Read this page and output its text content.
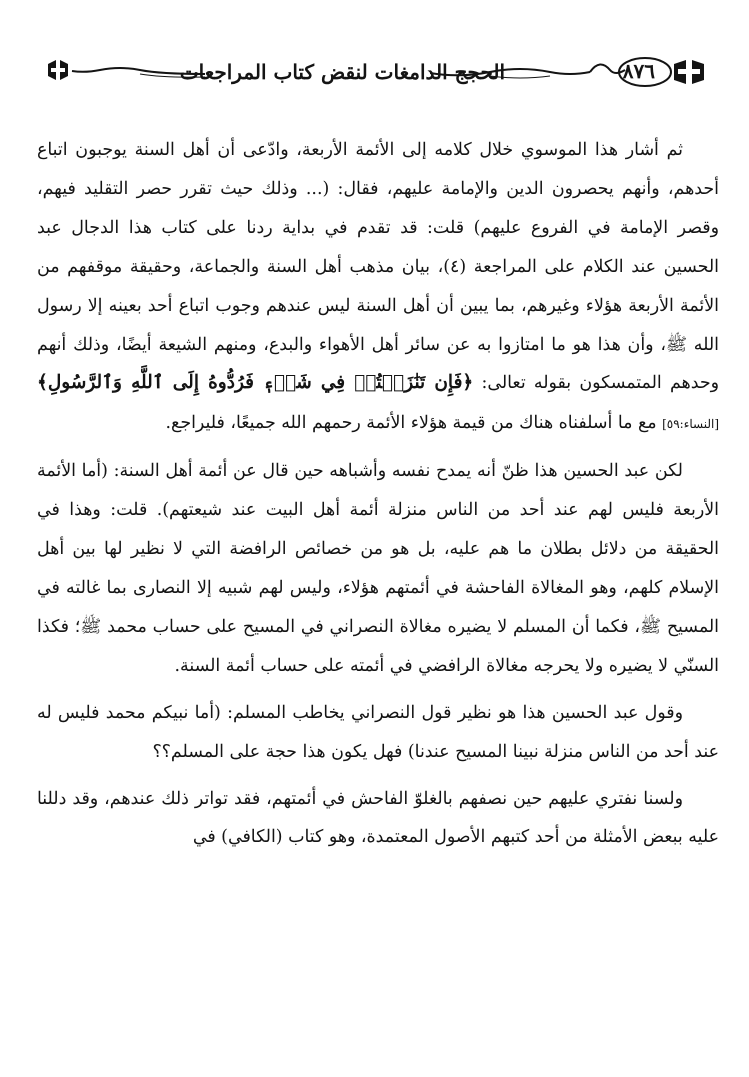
الحجج الدامغات لنقض كتاب المراجعات	٨٧٦

ثم أشار هذا الموسوي خلال كلامه إلى الأئمة الأربعة، وادّعى أن أهل السنة يوجبون اتباع أحدهم، وأنهم يحصرون الدين والإمامة عليهم، فقال: (... وذلك حيث تقرر حصر التقليد فيهم، وقصر الإمامة في الفروع عليهم) قلت: قد تقدم في بداية ردنا على كتاب هذا الدجال عبد الحسين عند الكلام على المراجعة (٤)، بيان مذهب أهل السنة والجماعة، وحقيقة موقفهم من الأئمة الأربعة هؤلاء وغيرهم، بما يبين أن أهل السنة ليس عندهم وجوب اتباع أحد بعينه إلا رسول الله ﷺ، وأن هذا هو ما امتازوا به عن سائر أهل الأهواء والبدع، ومنهم الشيعة أيضًا، وذلك أنهم وحدهم المتمسكون بقوله تعالى: ﴿فَإِن تَنَٰزَعۡتُمۡ فِي شَيۡءٖ فَرُدُّوهُ إِلَى ٱللَّهِ وَٱلرَّسُولِ﴾ [النساء:٥٩] مع ما أسلفناه هناك من قيمة هؤلاء الأئمة رحمهم الله جميعًا، فليراجع.

لكن عبد الحسين هذا ظنّ أنه يمدح نفسه وأشباهه حين قال عن أئمة أهل السنة: (أما الأئمة الأربعة فليس لهم عند أحد من الناس منزلة أئمة أهل البيت عند شيعتهم). قلت: وهذا في الحقيقة من دلائل بطلان ما هم عليه، بل هو من خصائص الرافضة التي لا نظير لها بين أهل الإسلام كلهم، وهو المغالاة الفاحشة في أئمتهم هؤلاء، وليس لهم شبيه إلا النصارى بما غالته في المسيح ﷺ، فكما أن المسلم لا يضيره مغالاة النصراني في المسيح على حساب محمد ﷺ؛ فكذا السنّي لا يضيره ولا يحرجه مغالاة الرافضي في أئمته على حساب أئمة السنة.

وقول عبد الحسين هذا هو نظير قول النصراني يخاطب المسلم: (أما نبيكم محمد فليس له عند أحد من الناس منزلة نبينا المسيح عندنا) فهل يكون هذا حجة على المسلم؟؟

ولسنا نفتري عليهم حين نصفهم بالغلوّ الفاحش في أئمتهم، فقد تواتر ذلك عندهم، وقد دللنا عليه ببعض الأمثلة من أحد كتبهم الأصول المعتمدة، وهو كتاب (الكافي) في
